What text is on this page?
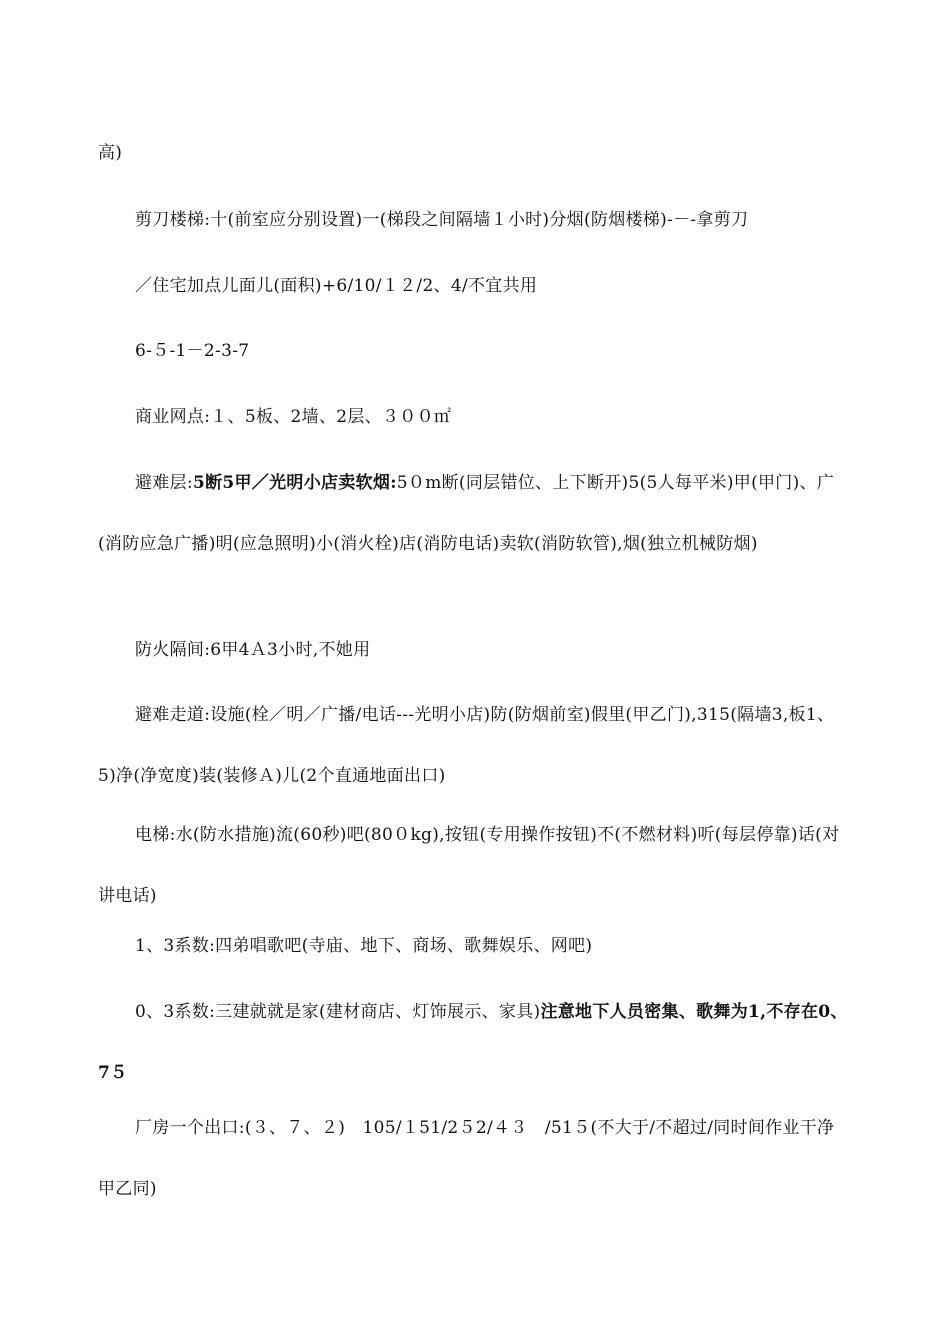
高)

剪刀楼梯:十(前室应分别设置)一(梯段之间隔墙１小时)分烟(防烟楼梯)-－-拿剪刀

／住宅加点儿面儿(面积)+6/10/１２/2、4/不宜共用

6-５-1－2-3-7

商业网点:１、5板、2墙、2层、３００㎡

避难层:5断5甲／光明小店卖软烟:5０m断(同层错位、上下断开)5(5人每平米)甲(甲门)、广(消防应急广播)明(应急照明)小(消火栓)店(消防电话)卖软(消防软管),烟(独立机械防烟)

防火隔间:6甲4Ａ3小时,不她用

避难走道:设施(栓／明／广播/电话---光明小店)防(防烟前室)假里(甲乙门),315(隔墙3,板1、5)净(净宽度)装(装修Ａ)儿(2个直通地面出口)

电梯:水(防水措施)流(60秒)吧(80０kg),按钮(专用操作按钮)不(不燃材料)听(每层停靠)话(对讲电话)

1、3系数:四弟唱歌吧(寺庙、地下、商场、歌舞娱乐、网吧)

0、3系数:三建就就是家(建材商店、灯饰展示、家具)注意地下人员密集、歌舞为1,不存在0、7５

厂房一个出口:(３、７、２)　105/１51/2５2/４３　/51５(不大于/不超过/同时间作业干净甲乙同)
